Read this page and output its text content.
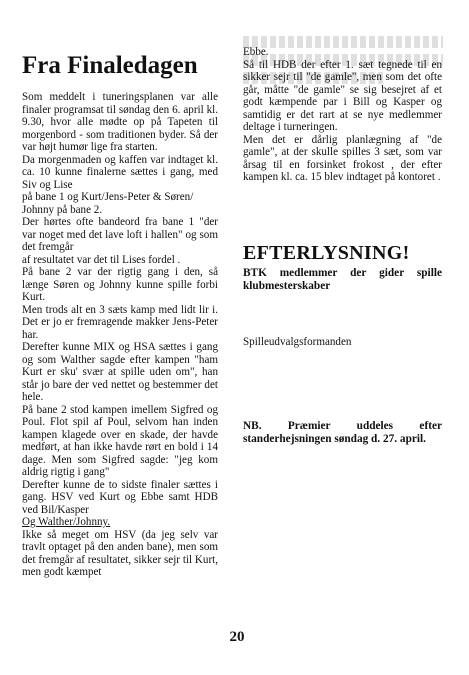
Fra Finaledagen

Som meddelt i tuneringsplanen var alle finaler programsat til søndag den 6. april kl. 9.30, hvor alle mødte op på Tapeten til morgenbord - som traditionen byder. Så der var højt humør lige fra starten.

Da morgenmaden og kaffen var indtaget kl. ca. 10 kunne finalerne sættes i gang, med Siv og Lise

på bane 1 og Kurt/Jens-Peter & Søren/

Johnny på bane 2.

Der hørtes ofte bandeord fra bane 1 "der var noget med det lave loft i hallen" og som det fremgår

af resultatet var det til Lises fordel .

På bane 2 var der rigtig gang i den, så længe Søren og Johnny kunne spille forbi Kurt.

Men trods alt en 3 sæts kamp med lidt lir i. Det er jo er fremragende makker Jens-Peter har.

Derefter kunne MIX og HSA sættes i gang og som Walther sagde efter kampen "ham Kurt er sku' svær at spille uden om", han står jo bare der ved nettet og bestemmer det hele.

På bane 2 stod kampen imellem Sigfred og Poul. Flot spil af Poul, selvom han inden kampen klagede over en skade, der havde medført, at han ikke havde rørt en bold i 14 dage. Men som Sigfred sagde: "jeg kom aldrig rigtig i gang"

Derefter kunne de to sidste finaler sættes i gang. HSV ved Kurt og Ebbe samt HDB ved Bil/Kasper

Og Walther/Johnny.

Ikke så meget om HSV (da jeg selv var travlt optaget på den anden bane), men som det fremgår af resultatet, sikker sejr til Kurt, men godt kæmpet

Ebbe.

Så til HDB der efter 1. sæt tegnede til en sikker sejr til "de gamle", men som det ofte går, måtte "de gamle" se sig besejret af et godt kæmpende par i Bill og Kasper og samtidig er det rart at se nye medlemmer deltage i turneringen.

Men det er dårlig planlægning af "de gamle", at der skulle spilles 3 sæt, som var årsag til en forsinket frokost , der efter kampen kl. ca. 15 blev indtaget på kontoret .

EFTERLYSNING!

BTK medlemmer der gider spille klubmesterskaber

Spilleudvalgsformanden

NB. Præmier uddeles efter standerhejsningen søndag d. 27. april.

20
